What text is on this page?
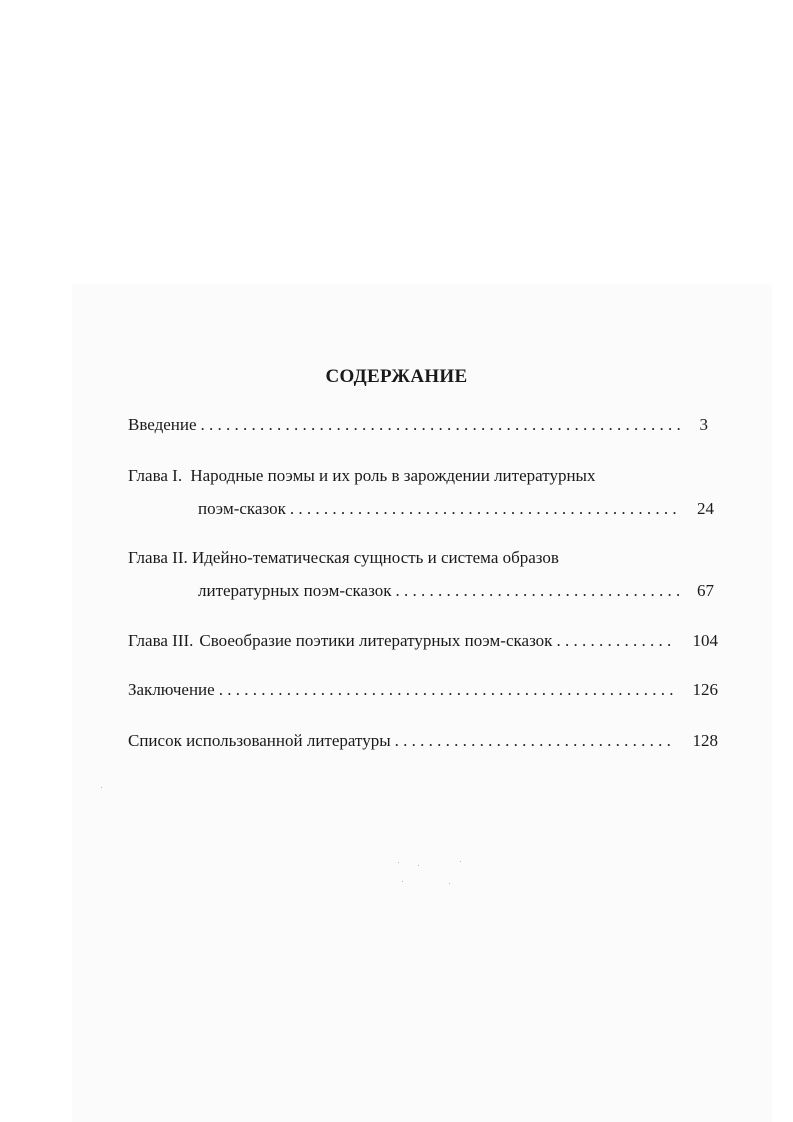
СОДЕРЖАНИЕ
Введение . . .	3
Глава I. Народные поэмы и их роль в зарождении литературных
поэм-сказок . . .	24
Глава II. Идейно-тематическая сущность и система образов
литературных поэм-сказок . . .	67
Глава III. Своеобразие поэтики литературных поэм-сказок . . .	104
Заключение . . .	126
Список использованной литературы . . .	128
